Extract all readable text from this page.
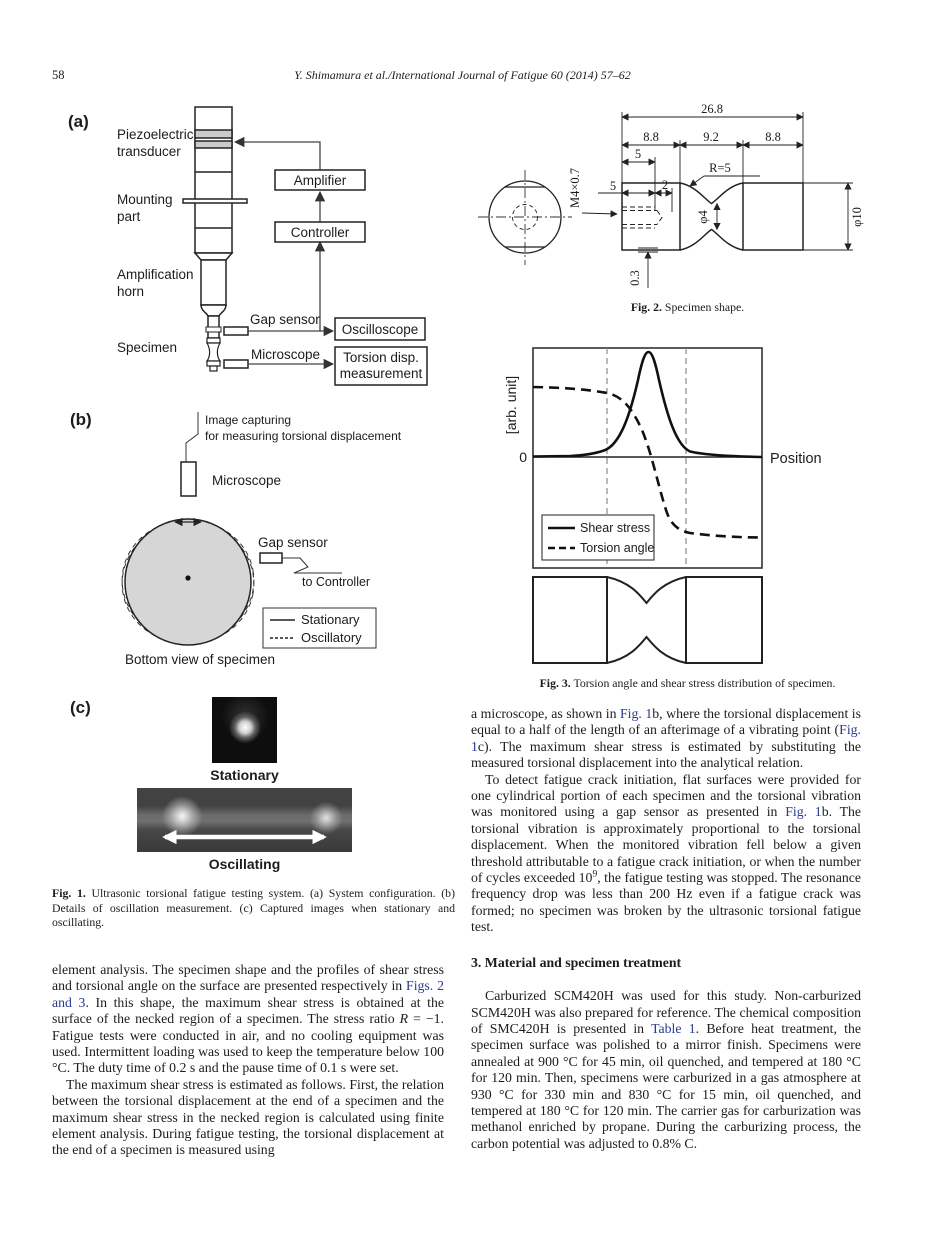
58	Y. Shimamura et al./International Journal of Fatigue 60 (2014) 57–62
(a)
Amplifier
Controller
Oscilloscope
Torsion disp.
measurement
Piezoelectric
transducer
Mounting
part
Amplification
horn
Specimen
Gap sensor
Microscope
(b)	Image capturing
for measuring torsional displacement
Microscope
Gap sensor
to Controller
Stationary
Oscillatory
Bottom view of specimen
(c)
Stationary
Oscillating
Fig. 1. Ultrasonic torsional fatigue testing system. (a) System configuration. (b) Details of oscillation measurement. (c) Captured images when stationary and oscillating.
M4×0.7
26.8
8.8	9.2	8.8
5
5	2
R=5
φ4	φ10
0.3
Fig. 2. Specimen shape.
[arb. unit]
0	Position
Shear stress
Torsion angle
Fig. 3. Torsion angle and shear stress distribution of specimen.

element analysis. The specimen shape and the profiles of shear stress and torsional angle on the surface are presented respectively in Figs. 2 and 3. In this shape, the maximum shear stress is obtained at the surface of the necked region of a specimen. The stress ratio R = −1. Fatigue tests were conducted in air, and no cooling equipment was used. Intermittent loading was used to keep the temperature below 100 °C. The duty time of 0.2 s and the pause time of 0.1 s were set.

The maximum shear stress is estimated as follows. First, the relation between the torsional displacement at the end of a specimen and the maximum shear stress in the necked region is calculated using finite element analysis. During fatigue testing, the torsional displacement at the end of a specimen is measured using

a microscope, as shown in Fig. 1b, where the torsional displacement is equal to a half of the length of an afterimage of a vibrating point (Fig. 1c). The maximum shear stress is estimated by substituting the measured torsional displacement into the analytical relation.

To detect fatigue crack initiation, flat surfaces were provided for one cylindrical portion of each specimen and the torsional vibration was monitored using a gap sensor as presented in Fig. 1b. The torsional vibration is approximately proportional to the torsional displacement. When the monitored vibration fell below a given threshold attributable to a fatigue crack initiation, or when the number of cycles exceeded $10^9$, the fatigue testing was stopped. The resonance frequency drop was less than 200 Hz even if a fatigue crack was formed; no specimen was broken by the ultrasonic torsional fatigue test.

3. Material and specimen treatment

Carburized SCM420H was used for this study. Non-carburized SCM420H was also prepared for reference. The chemical composition of SMC420H is presented in Table 1. Before heat treatment, the specimen surface was polished to a mirror finish. Specimens were annealed at 900 °C for 45 min, oil quenched, and tempered at 180 °C for 120 min. Then, specimens were carburized in a gas atmosphere at 930 °C for 330 min and 830 °C for 15 min, oil quenched, and tempered at 180 °C for 120 min. The carrier gas for carburization was methanol enriched by propane. During the carburizing process, the carbon potential was adjusted to 0.8% C.
